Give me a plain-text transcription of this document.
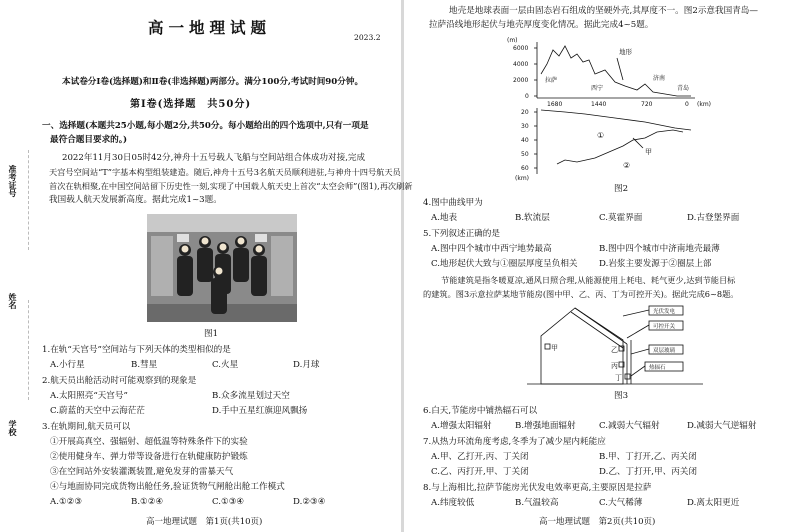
准考证号
姓名
学校
高一地理试题
2023.2
本试卷分Ⅰ卷(选择题)和Ⅱ卷(非选择题)两部分。满分100分,考试时间90分钟。
第Ⅰ卷(选择题　共50分)
一、选择题(本题共25小题,每小题2分,共50分。每小题给出的四个选项中,只有一项是
最符合题目要求的。)
2022年11月30日05时42分,神舟十五号载人飞船与空间站组合体成功对接,完成
天宫号空间站“T”字基本构型组装建造。随后,神舟十五号3名航天员顺利进驻,与神舟十四号航天员
首次在轨相聚,在中国空间站留下历史性一刻,实现了中国载人航天史上首次“太空会师”(图1),再次刷新
我国载人航天发展新高度。据此完成1~3题。
图1
1.在轨“天宫号”空间站与下列天体的类型相似的是
A.小行星	B.彗星	C.火星	D.月球
2.航天员出舱活动时可能观察到的现象是
A.太阳照亮“天宫号”	B.众多流星划过天空
C.蔚蓝的天空中云海茫茫	D.手中五星红旗迎风飘扬
3.在轨期间,航天员可以
①开展高真空、强辐射、超低温等特殊条件下的实验
②使用健身车、弹力带等设备进行在轨健康防护锻炼
③在空间站外安装灌溉装置,避免发芽的雷暴天气
④与地面协同完成货物出舱任务,验证货物气闸舱出舱工作模式
A.①②③	B.①②④	C.①③④	D.②③④
高一地理试题　第1页(共10页)
地壳是地球表面一层由固态岩石组成的坚硬外壳,其厚度不一。图2示意我国青岛—
拉萨沿线地形起伏与地壳厚度变化情况。据此完成4~5题。
(m)
6000
4000
2000
0
地形
拉萨
西宁
济南
青岛
1680	1440	720	0 (km)
20
30
40
50
60
(km)
①
②
甲
图2
4.图中曲线甲为
A.地表	B.软流层	C.莫霍界面	D.古登堡界面
5.下列叙述正确的是
A.图中四个城市中西宁地势最高	B.图中四个城市中济南地壳最薄
C.地形起伏大致与①圈层厚度呈负相关 D.岩浆主要发源于②圈层上部
节能建筑是指冬暖夏凉,通风日照合理,从能源使用上耗电、耗气更少,达到节能目标
的建筑。图3示意拉萨某地节能房(图中甲、乙、丙、丁为可控开关)。据此完成6~8题。
光伏发电
可控开关
双层玻璃
热辐石
甲	乙
丙
丁
图3
6.白天,节能房中铺热辐石可以
A.增强太阳辐射	B.增强地面辐射	C.减弱大气辐射	D.减弱大气逆辐射
7.从热力环流角度考虑,冬季为了减少屋内耗能应
A.甲、乙打开,丙、丁关闭	B.甲、丁打开,乙、丙关闭
C.乙、丙打开,甲、丁关闭	D.乙、丁打开,甲、丙关闭
8.与上海相比,拉萨节能房光伏发电效率更高,主要原因是拉萨
A.纬度较低	B.气温较高	C.大气稀薄	D.离太阳更近
高一地理试题　第2页(共10页)
